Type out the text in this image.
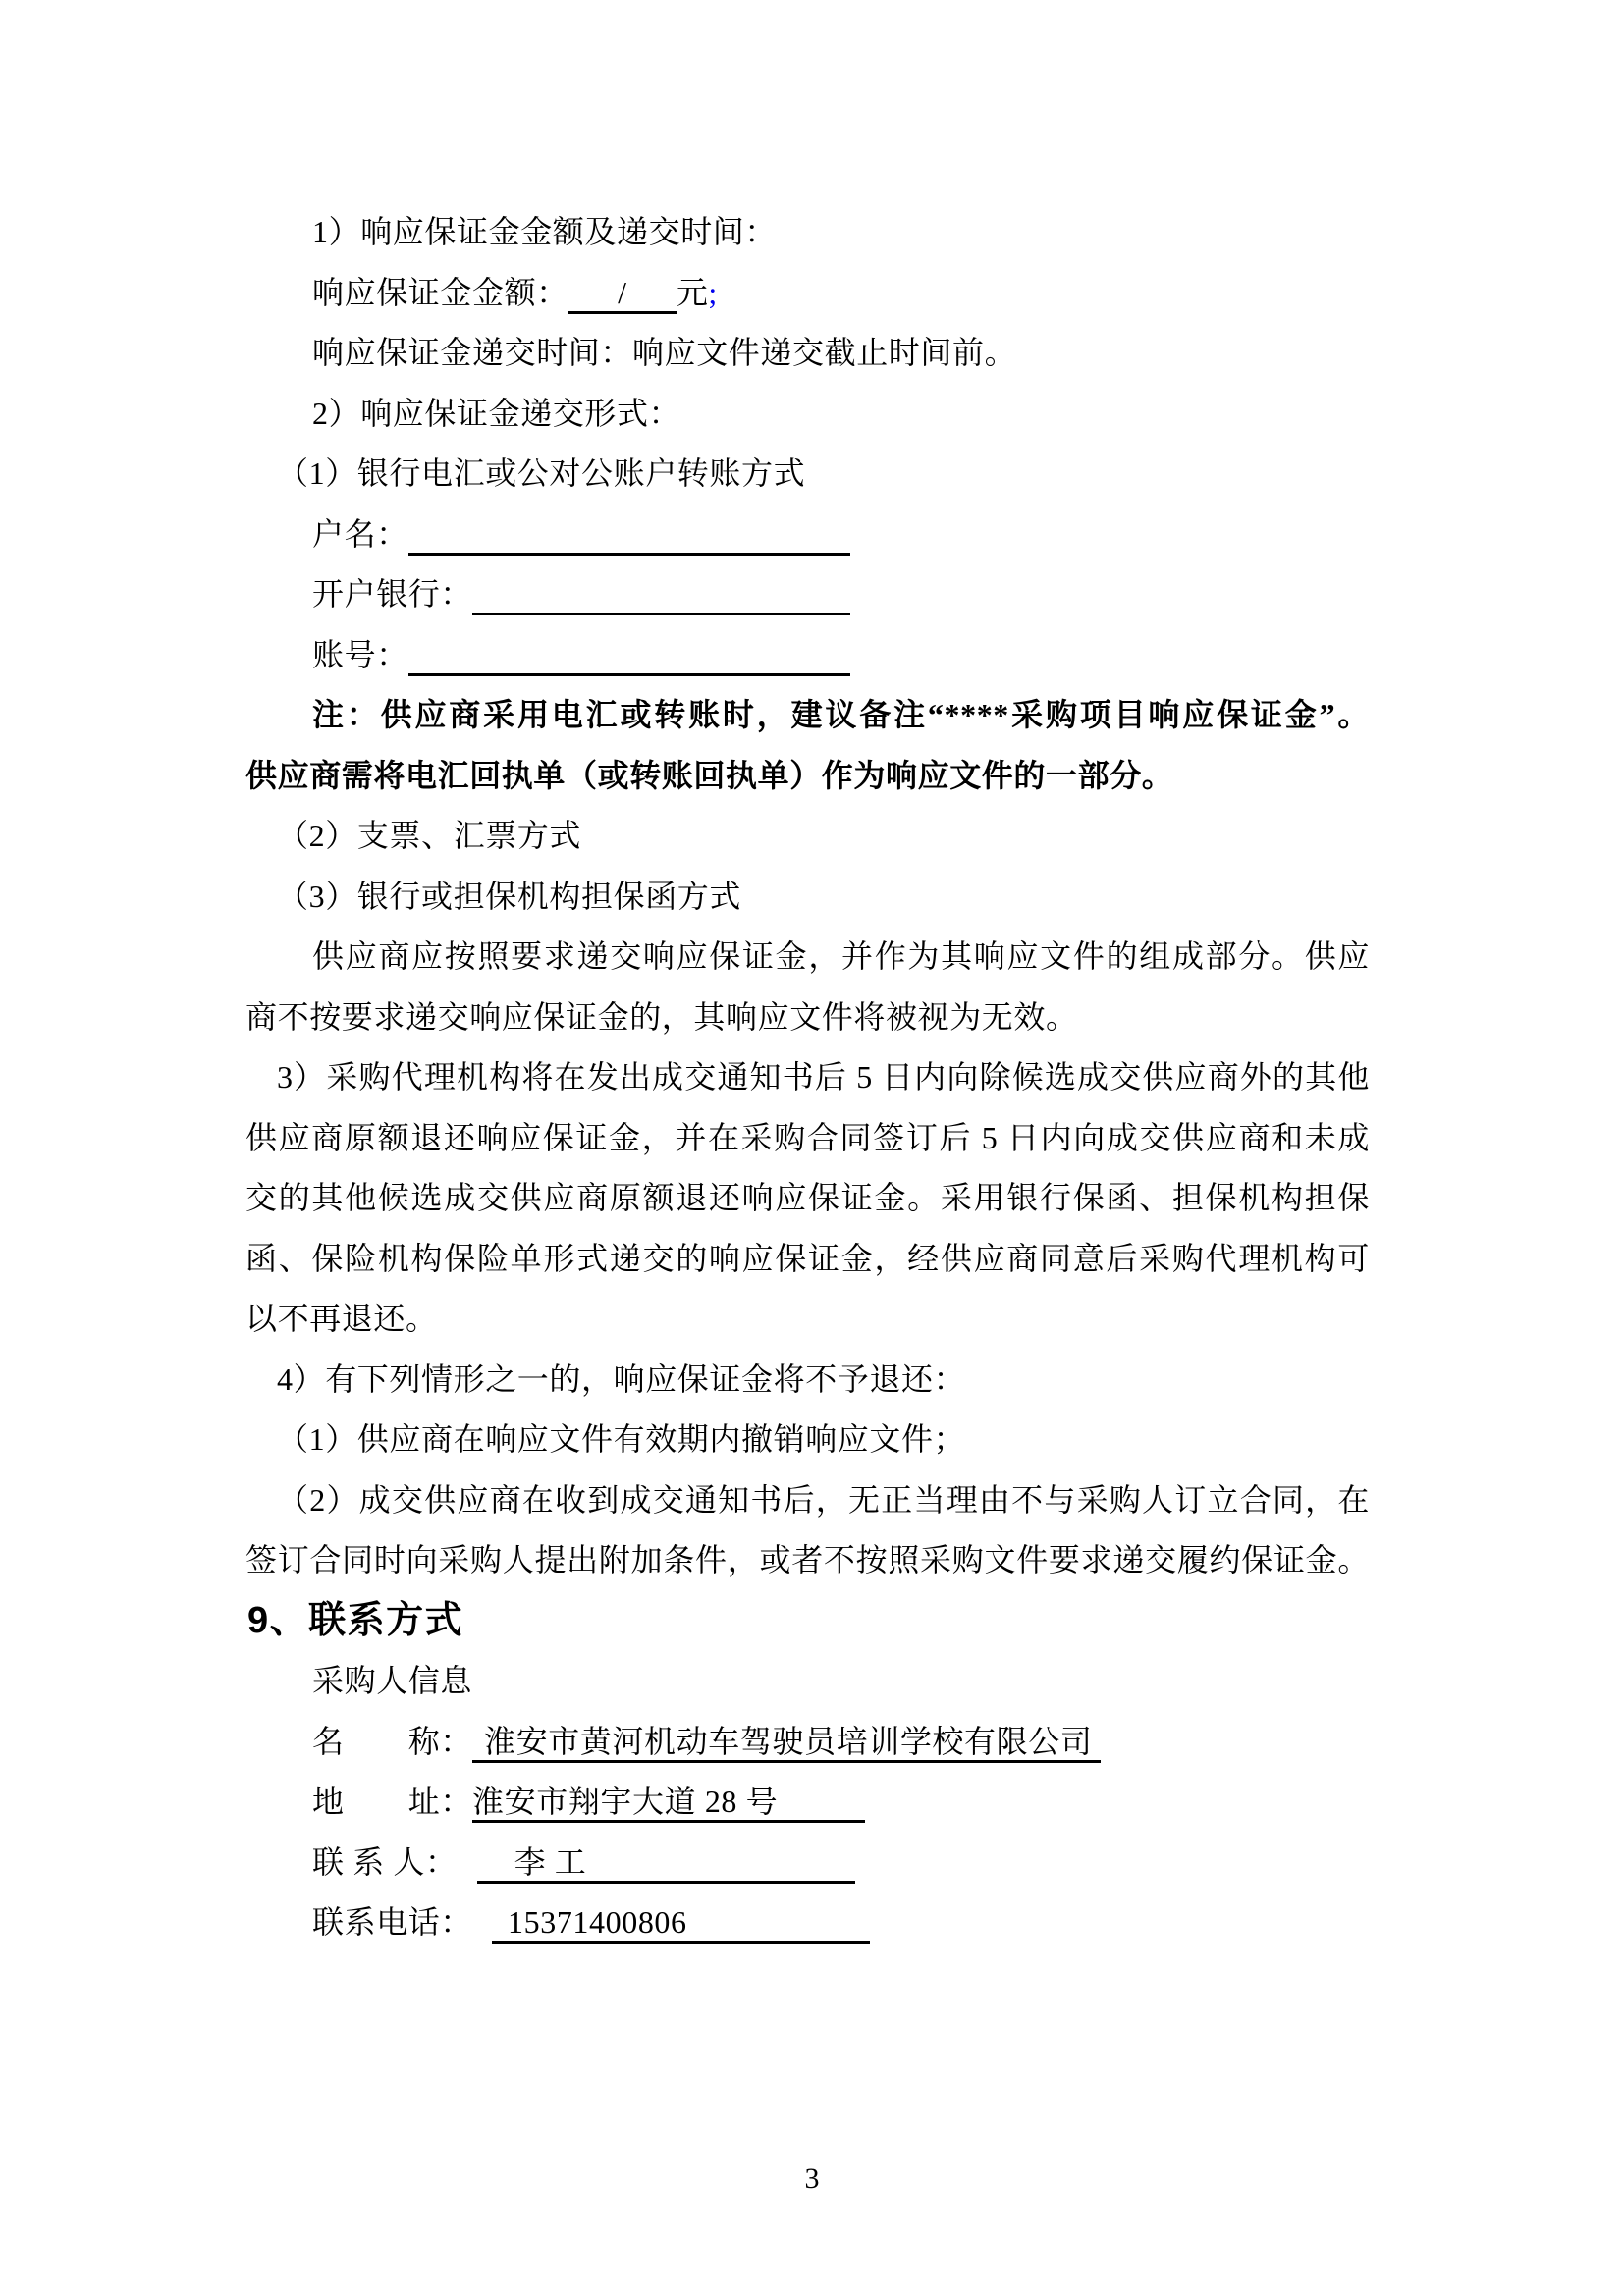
1）响应保证金金额及递交时间：
响应保证金金额： / 元;
响应保证金递交时间：响应文件递交截止时间前。
2）响应保证金递交形式：
（1）银行电汇或公对公账户转账方式
户名：
开户银行：
账号：
注：供应商采用电汇或转账时，建议备注“****采购项目响应保证金”。
供应商需将电汇回执单（或转账回执单）作为响应文件的一部分。
（2）支票、汇票方式
（3）银行或担保机构担保函方式
供应商应按照要求递交响应保证金，并作为其响应文件的组成部分。供应
商不按要求递交响应保证金的，其响应文件将被视为无效。
3）采购代理机构将在发出成交通知书后 5 日内向除候选成交供应商外的其他
供应商原额退还响应保证金，并在采购合同签订后 5 日内向成交供应商和未成
交的其他候选成交供应商原额退还响应保证金。采用银行保函、担保机构担保
函、保险机构保险单形式递交的响应保证金，经供应商同意后采购代理机构可
以不再退还。
4）有下列情形之一的，响应保证金将不予退还：
（1）供应商在响应文件有效期内撤销响应文件；
（2）成交供应商在收到成交通知书后，无正当理由不与采购人订立合同，在
签订合同时向采购人提出附加条件，或者不按照采购文件要求递交履约保证金。
9、联系方式
采购人信息
名　　称： 淮安市黄河机动车驾驶员培训学校有限公司
地　　址：淮安市翔宇大道 28 号
联 系 人： 李 工
联系电话： 15371400806
3
